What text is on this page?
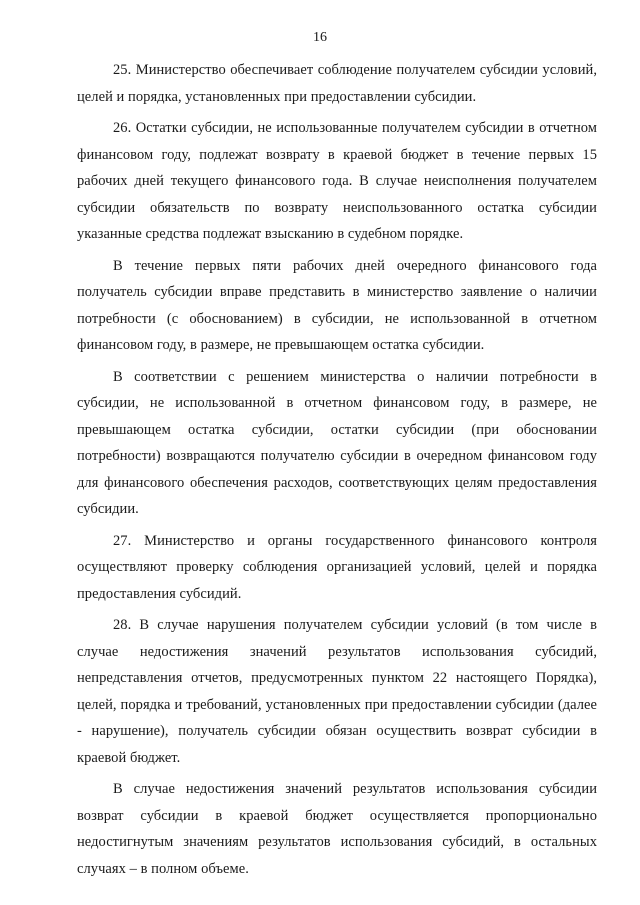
16

25. Министерство обеспечивает соблюдение получателем субсидии условий, целей и порядка, установленных при предоставлении субсидии.

26. Остатки субсидии, не использованные получателем субсидии в отчетном финансовом году, подлежат возврату в краевой бюджет в течение первых 15 рабочих дней текущего финансового года. В случае неисполнения получателем субсидии обязательств по возврату неиспользованного остатка субсидии указанные средства подлежат взысканию в судебном порядке.

В течение первых пяти рабочих дней очередного финансового года получатель субсидии вправе представить в министерство заявление о наличии потребности (с обоснованием) в субсидии, не использованной в отчетном финансовом году, в размере, не превышающем остатка субсидии.

В соответствии с решением министерства о наличии потребности в субсидии, не использованной в отчетном финансовом году, в размере, не превышающем остатка субсидии, остатки субсидии (при обосновании потребности) возвращаются получателю субсидии в очередном финансовом году для финансового обеспечения расходов, соответствующих целям предоставления субсидии.

27. Министерство и органы государственного финансового контроля осуществляют проверку соблюдения организацией условий, целей и порядка предоставления субсидий.

28. В случае нарушения получателем субсидии условий (в том числе в случае недостижения значений результатов использования субсидий, непредставления отчетов, предусмотренных пунктом 22 настоящего Порядка), целей, порядка и требований, установленных при предоставлении субсидии (далее - нарушение), получатель субсидии обязан осуществить возврат субсидии в краевой бюджет.

В случае недостижения значений результатов использования субсидии возврат субсидии в краевой бюджет осуществляется пропорционально недостигнутым значениям результатов использования субсидий, в остальных случаях – в полном объеме.
